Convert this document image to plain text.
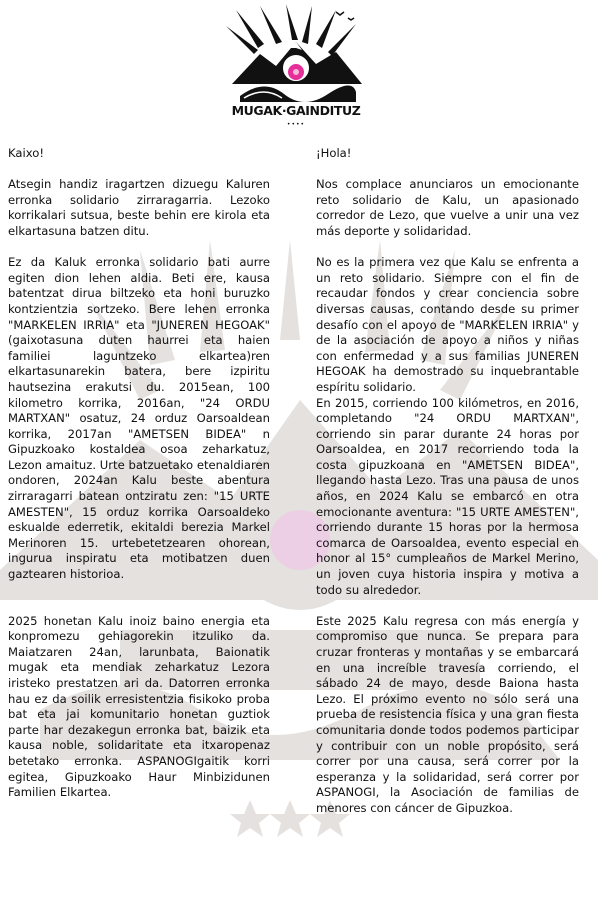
MUGAK·GAINDITUZ
••••

Kaixo!

Atsegin handiz iragartzen dizuegu Kaluren erronka solidario zirraragarria. Lezoko korrikalari sutsua, beste behin ere kirola eta elkartasuna batzen ditu.

Ez da Kaluk erronka solidario bati aurre egiten dion lehen aldia. Beti ere, kausa batentzat dirua biltzeko eta honi buruzko kontzientzia sortzeko. Bere lehen erronka "MARKELEN IRRIA" eta "JUNEREN HEGOAK" (gaixotasuna duten haurrei eta haien familiei laguntzeko elkartea)ren elkartasunarekin batera, bere izpiritu hautsezina erakutsi du. 2015ean, 100 kilometro korrika, 2016an, "24 ORDU MARTXAN" osatuz, 24 orduz Oarsoaldean korrika, 2017an "AMETSEN BIDEA" n Gipuzkoako kostaldea osoa zeharkatuz, Lezon amaituz. Urte batzuetako etenaldiaren ondoren, 2024an Kalu beste abentura zirraragarri batean ontziratu zen: "15 URTE AMESTEN", 15 orduz korrika Oarsoaldeko eskualde ederretik, ekitaldi berezia Markel Merinoren 15. urtebetetzearen ohorean, ingurua inspiratu eta motibatzen duen gaztearen historioa.

2025 honetan Kalu inoiz baino energia eta konpromezu gehiagorekin itzuliko da. Maiatzaren 24an, larunbata, Baionatik mugak eta mendiak zeharkatuz Lezora iristeko prestatzen ari da. Datorren erronka hau ez da soilik erresistentzia fisikoko proba bat eta jai komunitario honetan guztiok parte har dezakegun erronka bat, baizik eta kausa noble, solidaritate eta itxaropenaz betetako erronka. ASPANOGIgaitik korri egitea, Gipuzkoako Haur Minbizidunen Familien Elkartea.

¡Hola!

Nos complace anunciaros un emocionante reto solidario de Kalu, un apasionado corredor de Lezo, que vuelve a unir una vez más deporte y solidaridad.

No es la primera vez que Kalu se enfrenta a un reto solidario. Siempre con el fin de recaudar fondos y crear conciencia sobre diversas causas, contando desde su primer desafío con el apoyo de "MARKELEN IRRIA" y de la asociación de apoyo a niños y niñas con enfermedad y a sus familias JUNEREN HEGOAK ha demostrado su inquebrantable espíritu solidario.

En 2015, corriendo 100 kilómetros, en 2016, completando "24 ORDU MARTXAN", corriendo sin parar durante 24 horas por Oarsoaldea, en 2017 recorriendo toda la costa gipuzkoana en "AMETSEN BIDEA", llegando hasta Lezo. Tras una pausa de unos años, en 2024 Kalu se embarcó en otra emocionante aventura: "15 URTE AMESTEN", corriendo durante 15 horas por la hermosa comarca de Oarsoaldea, evento especial en honor al 15° cumpleaños de Markel Merino, un joven cuya historia inspira y motiva a todo su alrededor.

Este 2025 Kalu regresa con más energía y compromiso que nunca. Se prepara para cruzar fronteras y montañas y se embarcará en una increíble travesía corriendo, el sábado 24 de mayo, desde Baiona hasta Lezo. El próximo evento no sólo será una prueba de resistencia física y una gran fiesta comunitaria donde todos podemos participar y contribuir con un noble propósito, será correr por una causa, será correr por la esperanza y la solidaridad, será correr por ASPANOGI, la Asociación de familias de menores con cáncer de Gipuzkoa.
